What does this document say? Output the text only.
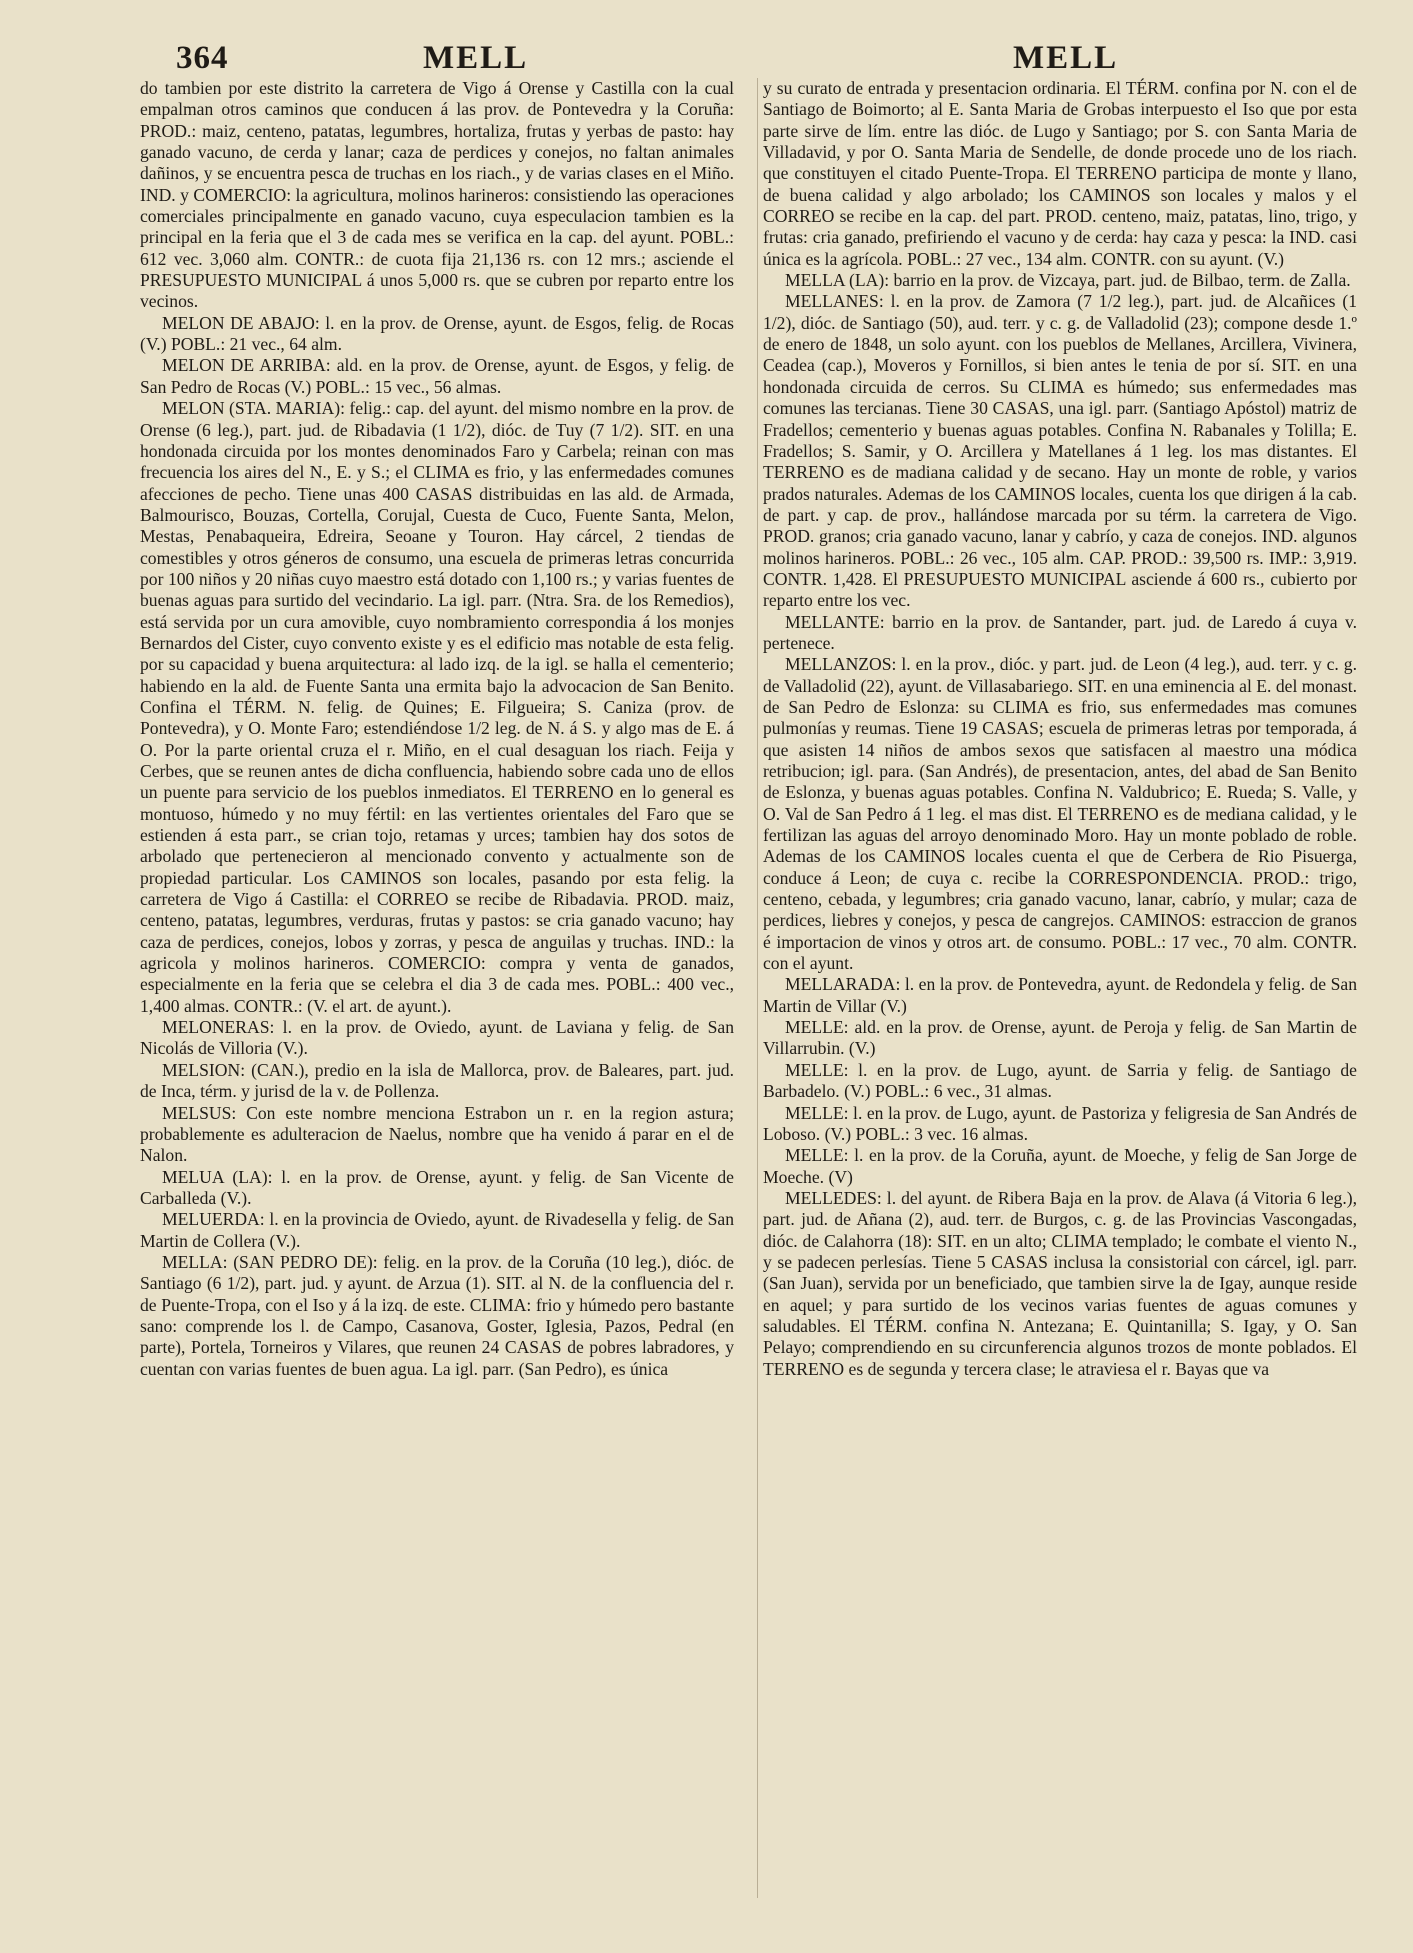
364	MELL	MELL

do tambien por este distrito la carretera de Vigo á Orense y Castilla con la cual empalman otros caminos que conducen á las prov. de Pontevedra y la Coruña: PROD.: maiz, centeno, patatas, legumbres, hortaliza, frutas y yerbas de pasto: hay ganado vacuno, de cerda y lanar; caza de perdices y conejos, no faltan animales dañinos, y se encuentra pesca de truchas en los riach., y de varias clases en el Miño. IND. y COMERCIO: la agricultura, molinos harineros: consistiendo las operaciones comerciales principalmente en ganado vacuno, cuya especulacion tambien es la principal en la feria que el 3 de cada mes se verifica en la cap. del ayunt. POBL.: 612 vec. 3,060 alm. CONTR.: de cuota fija 21,136 rs. con 12 mrs.; asciende el PRESUPUESTO MUNICIPAL á unos 5,000 rs. que se cubren por reparto entre los vecinos.

MELON DE ABAJO: l. en la prov. de Orense, ayunt. de Esgos, felig. de Rocas (V.) POBL.: 21 vec., 64 alm.

MELON DE ARRIBA: ald. en la prov. de Orense, ayunt. de Esgos, y felig. de San Pedro de Rocas (V.) POBL.: 15 vec., 56 almas.

MELON (STA. MARIA): felig.: cap. del ayunt. del mismo nombre en la prov. de Orense (6 leg.), part. jud. de Ribadavia (1 1/2), dióc. de Tuy (7 1/2). SIT. en una hondonada circuida por los montes denominados Faro y Carbela; reinan con mas frecuencia los aires del N., E. y S.; el CLIMA es frio, y las enfermedades comunes afecciones de pecho. Tiene unas 400 CASAS distribuidas en las ald. de Armada, Balmourisco, Bouzas, Cortella, Corujal, Cuesta de Cuco, Fuente Santa, Melon, Mestas, Penabaqueira, Edreira, Seoane y Touron. Hay cárcel, 2 tiendas de comestibles y otros géneros de consumo, una escuela de primeras letras concurrida por 100 niños y 20 niñas cuyo maestro está dotado con 1,100 rs.; y varias fuentes de buenas aguas para surtido del vecindario. La igl. parr. (Ntra. Sra. de los Remedios), está servida por un cura amovible, cuyo nombramiento correspondia á los monjes Bernardos del Cister, cuyo convento existe y es el edificio mas notable de esta felig. por su capacidad y buena arquitectura: al lado izq. de la igl. se halla el cementerio; habiendo en la ald. de Fuente Santa una ermita bajo la advocacion de San Benito. Confina el TÉRM. N. felig. de Quines; E. Filgueira; S. Caniza (prov. de Pontevedra), y O. Monte Faro; estendiéndose 1/2 leg. de N. á S. y algo mas de E. á O. Por la parte oriental cruza el r. Miño, en el cual desaguan los riach. Feija y Cerbes, que se reunen antes de dicha confluencia, habiendo sobre cada uno de ellos un puente para servicio de los pueblos inmediatos. El TERRENO en lo general es montuoso, húmedo y no muy fértil: en las vertientes orientales del Faro que se estienden á esta parr., se crian tojo, retamas y urces; tambien hay dos sotos de arbolado que pertenecieron al mencionado convento y actualmente son de propiedad particular. Los CAMINOS son locales, pasando por esta felig. la carretera de Vigo á Castilla: el CORREO se recibe de Ribadavia. PROD. maiz, centeno, patatas, legumbres, verduras, frutas y pastos: se cria ganado vacuno; hay caza de perdices, conejos, lobos y zorras, y pesca de anguilas y truchas. IND.: la agricola y molinos harineros. COMERCIO: compra y venta de ganados, especialmente en la feria que se celebra el dia 3 de cada mes. POBL.: 400 vec., 1,400 almas. CONTR.: (V. el art. de ayunt.).

MELONERAS: l. en la prov. de Oviedo, ayunt. de Laviana y felig. de San Nicolás de Villoria (V.).

MELSION: (CAN.), predio en la isla de Mallorca, prov. de Baleares, part. jud. de Inca, térm. y jurisd de la v. de Pollenza.

MELSUS: Con este nombre menciona Estrabon un r. en la region astura; probablemente es adulteracion de Naelus, nombre que ha venido á parar en el de Nalon.

MELUA (LA): l. en la prov. de Orense, ayunt. y felig. de San Vicente de Carballeda (V.).

MELUERDA: l. en la provincia de Oviedo, ayunt. de Rivadesella y felig. de San Martin de Collera (V.).

MELLA: (SAN PEDRO DE): felig. en la prov. de la Coruña (10 leg.), dióc. de Santiago (6 1/2), part. jud. y ayunt. de Arzua (1). SIT. al N. de la confluencia del r. de Puente-Tropa, con el Iso y á la izq. de este. CLIMA: frio y húmedo pero bastante sano: comprende los l. de Campo, Casanova, Goster, Iglesia, Pazos, Pedral (en parte), Portela, Torneiros y Vilares, que reunen 24 CASAS de pobres labradores, y cuentan con varias fuentes de buen agua. La igl. parr. (San Pedro), es única

y su curato de entrada y presentacion ordinaria. El TÉRM. confina por N. con el de Santiago de Boimorto; al E. Santa Maria de Grobas interpuesto el Iso que por esta parte sirve de lím. entre las dióc. de Lugo y Santiago; por S. con Santa Maria de Villadavid, y por O. Santa Maria de Sendelle, de donde procede uno de los riach. que constituyen el citado Puente-Tropa. El TERRENO participa de monte y llano, de buena calidad y algo arbolado; los CAMINOS son locales y malos y el CORREO se recibe en la cap. del part. PROD. centeno, maiz, patatas, lino, trigo, y frutas: cria ganado, prefiriendo el vacuno y de cerda: hay caza y pesca: la IND. casi única es la agrícola. POBL.: 27 vec., 134 alm. CONTR. con su ayunt. (V.)

MELLA (LA): barrio en la prov. de Vizcaya, part. jud. de Bilbao, term. de Zalla.

MELLANES: l. en la prov. de Zamora (7 1/2 leg.), part. jud. de Alcañices (1 1/2), dióc. de Santiago (50), aud. terr. y c. g. de Valladolid (23); compone desde 1.º de enero de 1848, un solo ayunt. con los pueblos de Mellanes, Arcillera, Vivinera, Ceadea (cap.), Moveros y Fornillos, si bien antes le tenia de por sí. SIT. en una hondonada circuida de cerros. Su CLIMA es húmedo; sus enfermedades mas comunes las tercianas. Tiene 30 CASAS, una igl. parr. (Santiago Apóstol) matriz de Fradellos; cementerio y buenas aguas potables. Confina N. Rabanales y Tolilla; E. Fradellos; S. Samir, y O. Arcillera y Matellanes á 1 leg. los mas distantes. El TERRENO es de madiana calidad y de secano. Hay un monte de roble, y varios prados naturales. Ademas de los CAMINOS locales, cuenta los que dirigen á la cab. de part. y cap. de prov., hallándose marcada por su térm. la carretera de Vigo. PROD. granos; cria ganado vacuno, lanar y cabrío, y caza de conejos. IND. algunos molinos harineros. POBL.: 26 vec., 105 alm. CAP. PROD.: 39,500 rs. IMP.: 3,919. CONTR. 1,428. El PRESUPUESTO MUNICIPAL asciende á 600 rs., cubierto por reparto entre los vec.

MELLANTE: barrio en la prov. de Santander, part. jud. de Laredo á cuya v. pertenece.

MELLANZOS: l. en la prov., dióc. y part. jud. de Leon (4 leg.), aud. terr. y c. g. de Valladolid (22), ayunt. de Villasabariego. SIT. en una eminencia al E. del monast. de San Pedro de Eslonza: su CLIMA es frio, sus enfermedades mas comunes pulmonías y reumas. Tiene 19 CASAS; escuela de primeras letras por temporada, á que asisten 14 niños de ambos sexos que satisfacen al maestro una módica retribucion; igl. para. (San Andrés), de presentacion, antes, del abad de San Benito de Eslonza, y buenas aguas potables. Confina N. Valdubrico; E. Rueda; S. Valle, y O. Val de San Pedro á 1 leg. el mas dist. El TERRENO es de mediana calidad, y le fertilizan las aguas del arroyo denominado Moro. Hay un monte poblado de roble. Ademas de los CAMINOS locales cuenta el que de Cerbera de Rio Pisuerga, conduce á Leon; de cuya c. recibe la CORRESPONDENCIA. PROD.: trigo, centeno, cebada, y legumbres; cria ganado vacuno, lanar, cabrío, y mular; caza de perdices, liebres y conejos, y pesca de cangrejos. CAMINOS: estraccion de granos é importacion de vinos y otros art. de consumo. POBL.: 17 vec., 70 alm. CONTR. con el ayunt.

MELLARADA: l. en la prov. de Pontevedra, ayunt. de Redondela y felig. de San Martin de Villar (V.)

MELLE: ald. en la prov. de Orense, ayunt. de Peroja y felig. de San Martin de Villarrubin. (V.)

MELLE: l. en la prov. de Lugo, ayunt. de Sarria y felig. de Santiago de Barbadelo. (V.) POBL.: 6 vec., 31 almas.

MELLE: l. en la prov. de Lugo, ayunt. de Pastoriza y feligresia de San Andrés de Loboso. (V.) POBL.: 3 vec. 16 almas.

MELLE: l. en la prov. de la Coruña, ayunt. de Moeche, y felig de San Jorge de Moeche. (V)

MELLEDES: l. del ayunt. de Ribera Baja en la prov. de Alava (á Vitoria 6 leg.), part. jud. de Añana (2), aud. terr. de Burgos, c. g. de las Provincias Vascongadas, dióc. de Calahorra (18): SIT. en un alto; CLIMA templado; le combate el viento N., y se padecen perlesías. Tiene 5 CASAS inclusa la consistorial con cárcel, igl. parr. (San Juan), servida por un beneficiado, que tambien sirve la de Igay, aunque reside en aquel; y para surtido de los vecinos varias fuentes de aguas comunes y saludables. El TÉRM. confina N. Antezana; E. Quintanilla; S. Igay, y O. San Pelayo; comprendiendo en su circunferencia algunos trozos de monte poblados. El TERRENO es de segunda y tercera clase; le atraviesa el r. Bayas que va
